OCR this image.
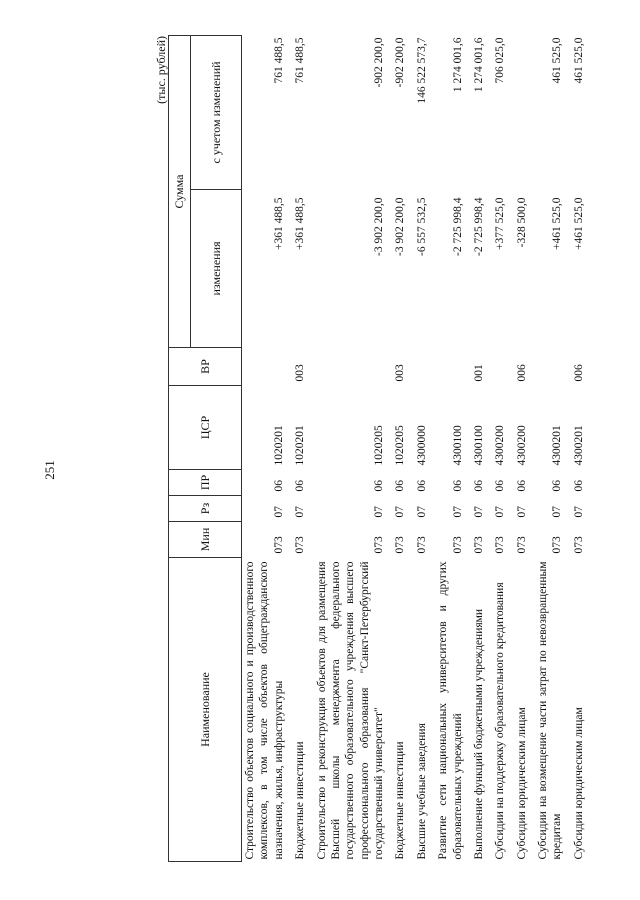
251
(тыс. рублей)
Наименование	Мин	Рз	ПР	ЦСР	ВР	Сумма	
						изменения	с учетом изменений
Строительство объектов социального и производственного комплексов, в том числе объектов общегражданского назначения, жилья, инфраструктуры	073	07	06	1020201		+361 488,5	761 488,5
Бюджетные инвестиции	073	07	06	1020201	003	+361 488,5	761 488,5
Строительство и реконструкция объектов для размещения Высшей школы менеджмента федерального государственного образовательного учреждения высшего профессионального образования "Санкт-Петербургский государственный университет"	073	07	06	1020205		-3 902 200,0	-902 200,0
Бюджетные инвестиции	073	07	06	1020205	003	-3 902 200,0	-902 200,0
Высшие учебные заведения	073	07	06	4300000		-6 557 532,5	146 522 573,7
Развитие сети национальных университетов и других образовательных учреждений	073	07	06	4300100		-2 725 998,4	1 274 001,6
Выполнение функций бюджетными учреждениями	073	07	06	4300100	001	-2 725 998,4	1 274 001,6
Субсидии на поддержку образовательного кредитования	073	07	06	4300200		+377 525,0	706 025,0
Субсидии юридическим лицам	073	07	06	4300200	006	-328 500,0	
Субсидии на возмещение части затрат по невозвращенным кредитам	073	07	06	4300201		+461 525,0	461 525,0
Субсидии юридическим лицам	073	07	06	4300201	006	+461 525,0	461 525,0
